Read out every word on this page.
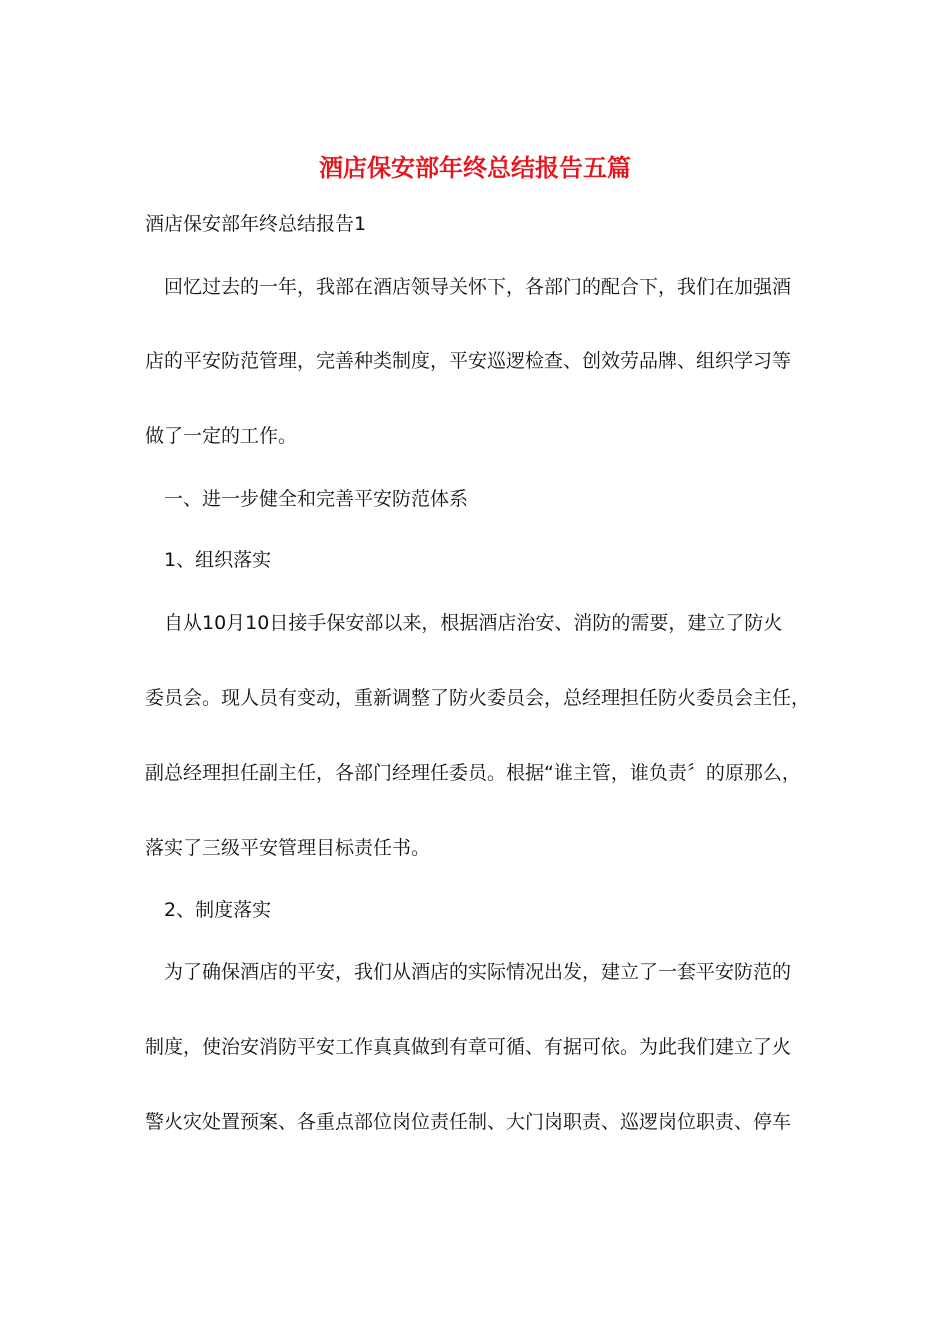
酒店保安部年终总结报告五篇
酒店保安部年终总结报告1
回忆过去的一年，我部在酒店领导关怀下，各部门的配合下，我们在加强酒
店的平安防范管理，完善种类制度，平安巡逻检查、创效劳品牌、组织学习等
做了一定的工作。
一、进一步健全和完善平安防范体系
1、组织落实
自从10月10日接手保安部以来，根据酒店治安、消防的需要，建立了防火
委员会。现人员有变动，重新调整了防火委员会，总经理担任防火委员会主任，
副总经理担任副主任，各部门经理任委员。根据“谁主管，谁负责〞的原那么，
落实了三级平安管理目标责任书。
2、制度落实
为了确保酒店的平安，我们从酒店的实际情况出发，建立了一套平安防范的
制度，使治安消防平安工作真真做到有章可循、有据可依。为此我们建立了火
警火灾处置预案、各重点部位岗位责任制、大门岗职责、巡逻岗位职责、停车
